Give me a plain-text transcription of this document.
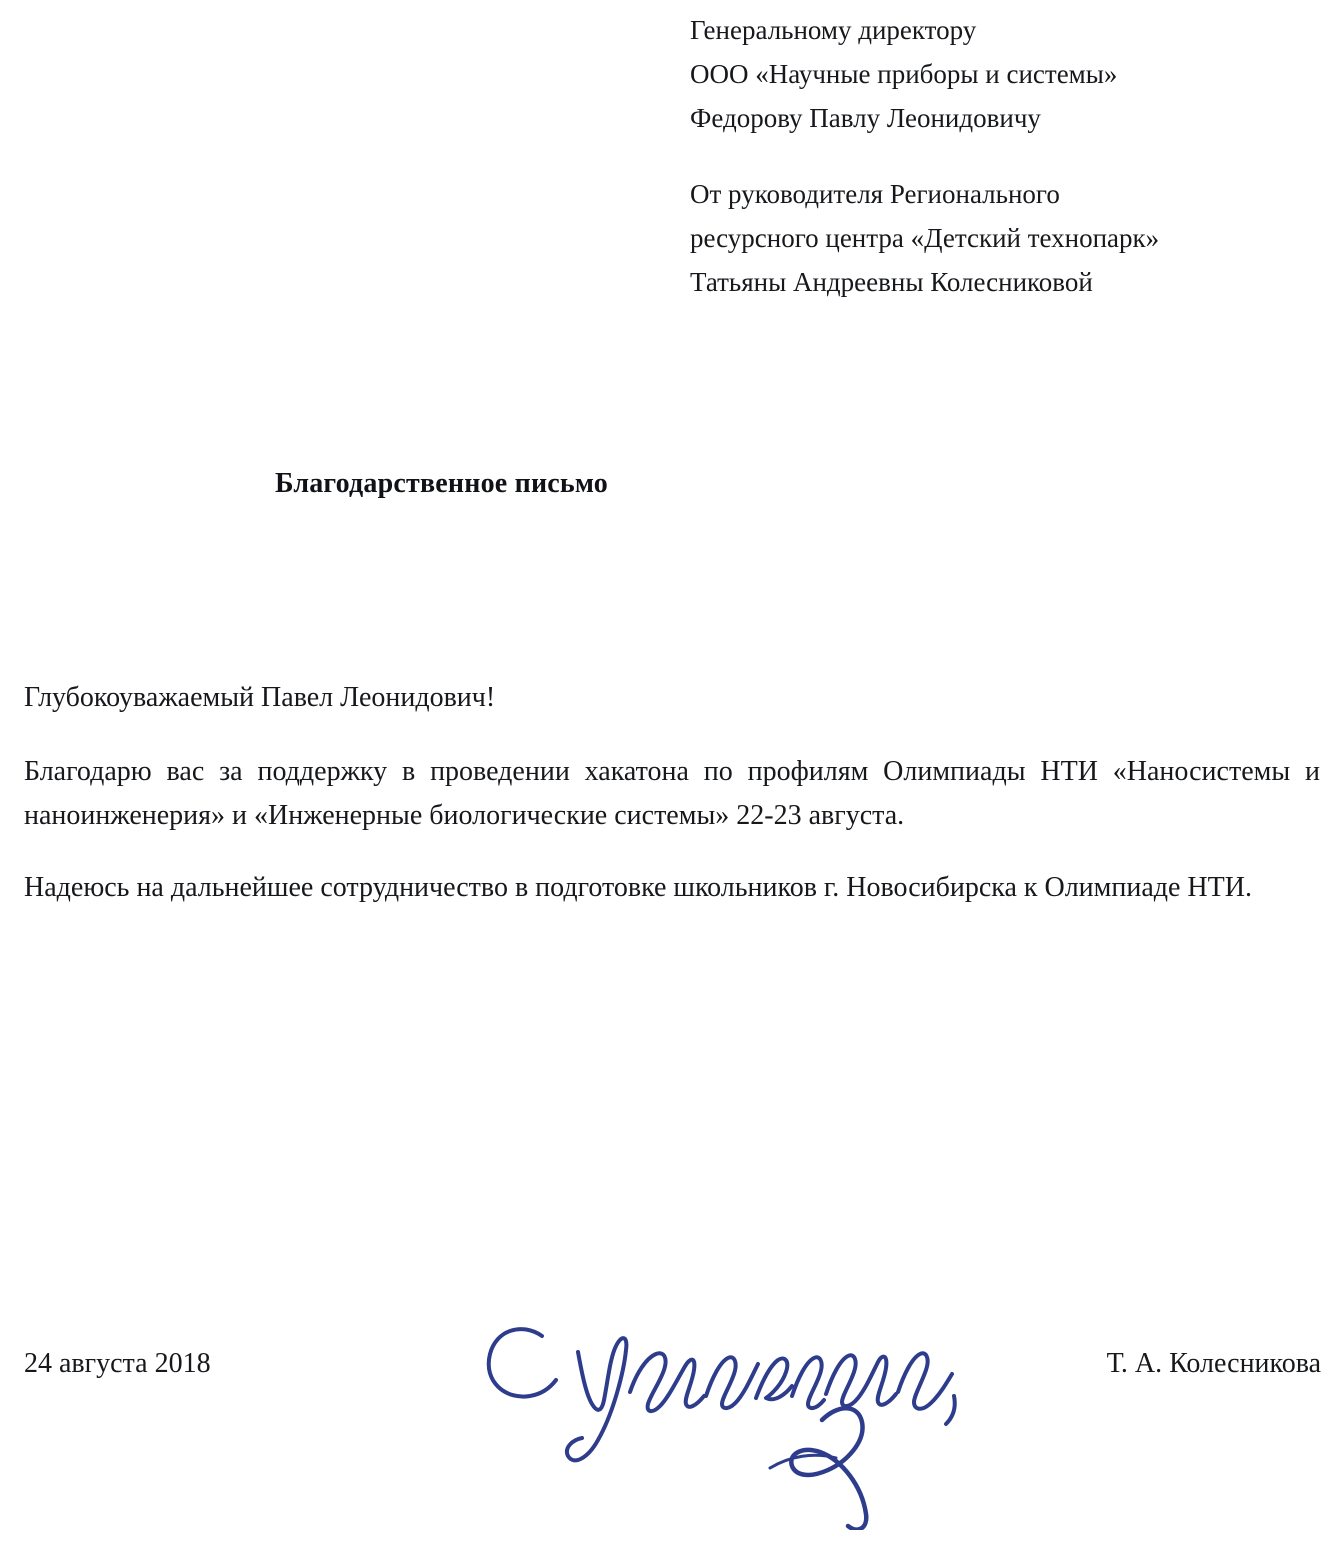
Генеральному директору
ООО «Научные приборы и системы»
Федорову Павлу Леонидовичу
От руководителя Регионального
ресурсного центра «Детский технопарк»
Татьяны Андреевны Колесниковой
Благодарственное письмо

Глубокоуважаемый Павел Леонидович!

Благодарю вас за поддержку в проведении хакатона по профилям Олимпиады НТИ «Наносистемы и наноинженерия» и «Инженерные биологические системы» 22-23 августа.

Надеюсь на дальнейшее сотрудничество в подготовке школьников г. Новосибирска к Олимпиаде НТИ.

24 августа 2018	Т. А. Колесникова
